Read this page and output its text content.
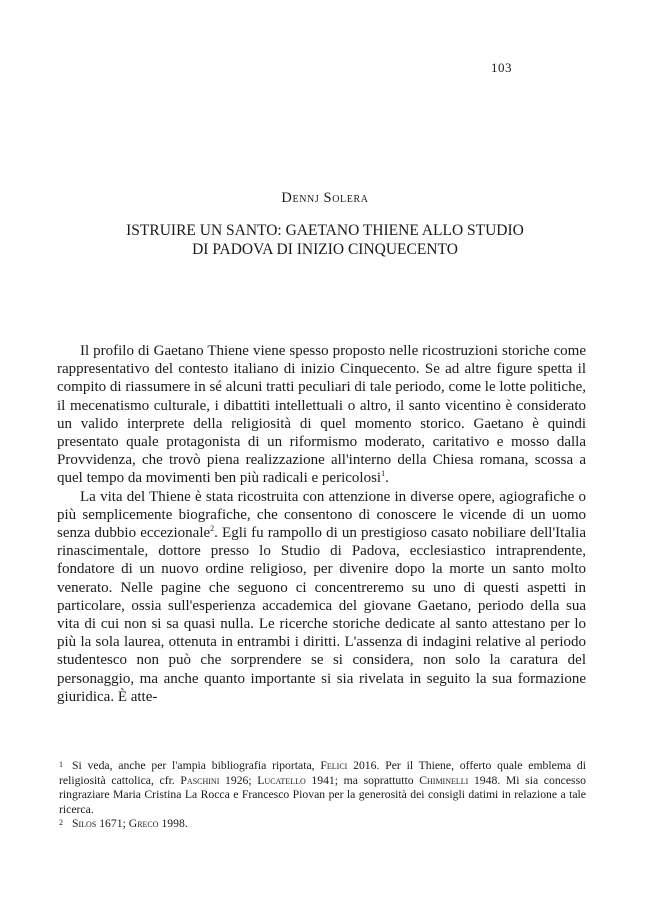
103
Dennj Solera
ISTRUIRE UN SANTO: GAETANO THIENE ALLO STUDIO
DI PADOVA DI INIZIO CINQUECENTO

Il profilo di Gaetano Thiene viene spesso proposto nelle ricostruzioni storiche come rappresentativo del contesto italiano di inizio Cinquecento. Se ad altre figure spetta il compito di riassumere in sé alcuni tratti peculiari di tale periodo, come le lotte politiche, il mecenatismo culturale, i dibattiti intellettuali o altro, il santo vicentino è considerato un valido interprete della religiosità di quel momento storico. Gaetano è quindi presentato quale protagonista di un riformismo moderato, caritativo e mosso dalla Provvidenza, che trovò piena realizzazione all'interno della Chiesa romana, scossa a quel tempo da movimenti ben più radicali e pericolosi$^1$.

La vita del Thiene è stata ricostruita con attenzione in diverse opere, agiografiche o più semplicemente biografiche, che consentono di conoscere le vicende di un uomo senza dubbio eccezionale$^2$. Egli fu rampollo di un prestigioso casato nobiliare dell'Italia rinascimentale, dottore presso lo Studio di Padova, ecclesiastico intraprendente, fondatore di un nuovo ordine religioso, per divenire dopo la morte un santo molto venerato. Nelle pagine che seguono ci concentreremo su uno di questi aspetti in particolare, ossia sull'esperienza accademica del giovane Gaetano, periodo della sua vita di cui non si sa quasi nulla. Le ricerche storiche dedicate al santo attestano per lo più la sola laurea, ottenuta in entrambi i diritti. L'assenza di indagini relative al periodo studentesco non può che sorprendere se si considera, non solo la caratura del personaggio, ma anche quanto importante si sia rivelata in seguito la sua formazione giuridica. È atte-

$^1$ Si veda, anche per l'ampia bibliografia riportata, Felici 2016. Per il Thiene, offerto quale emblema di religiosità cattolica, cfr. Paschini 1926; Lucatello 1941; ma soprattutto Chiminelli 1948. Mi sia concesso ringraziare Maria Cristina La Rocca e Francesco Piovan per la generosità dei consigli datimi in relazione a tale ricerca.

$^2$ Silos 1671; Greco 1998.
